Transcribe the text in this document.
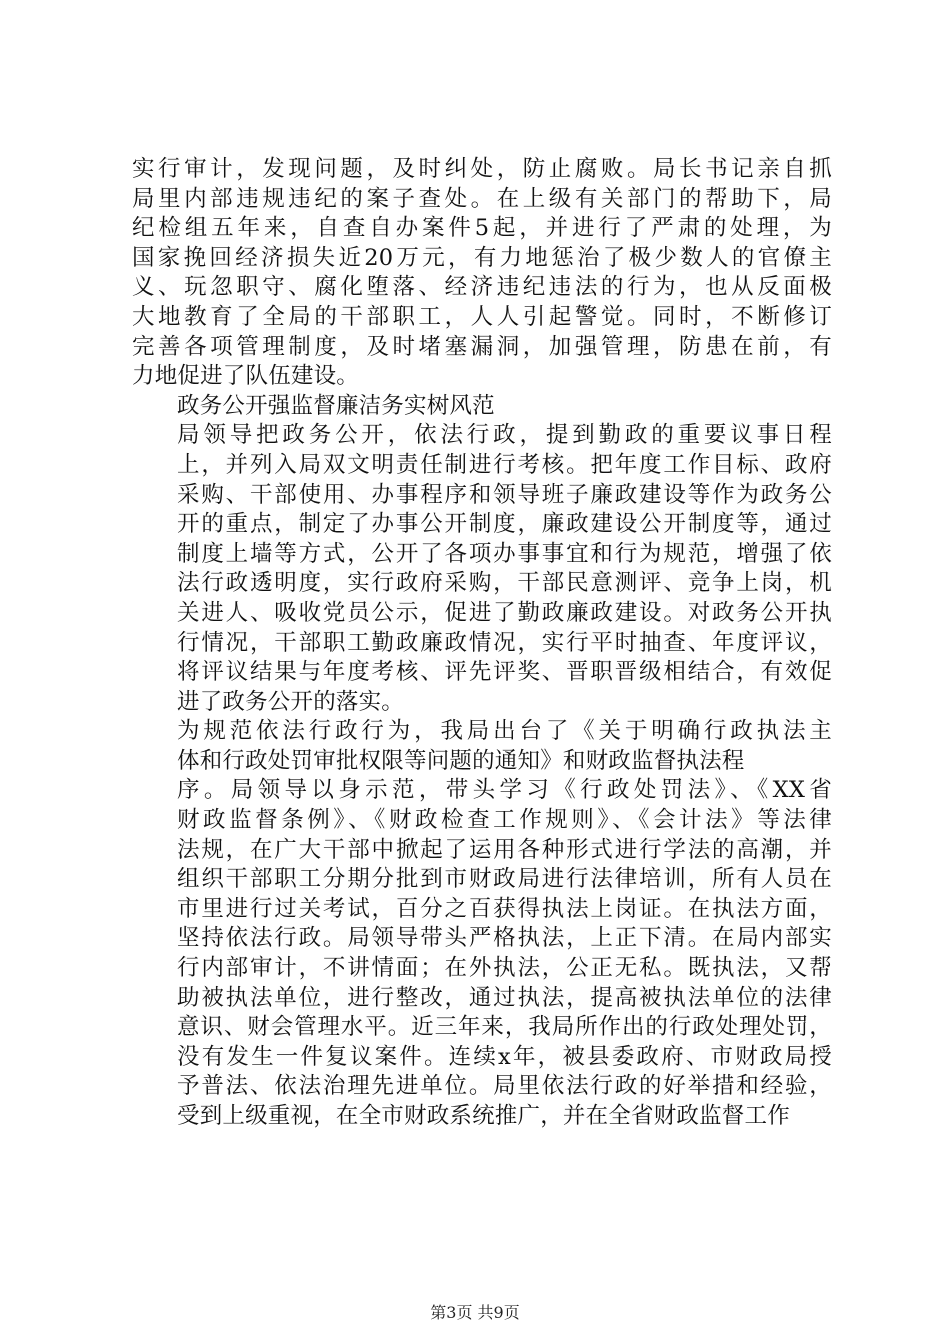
实行审计，发现问题，及时纠处，防止腐败。局长书记亲自抓
局里内部违规违纪的案子查处。在上级有关部门的帮助下，局
纪检组五年来，自查自办案件5起，并进行了严肃的处理，为
国家挽回经济损失近20万元，有力地惩治了极少数人的官僚主
义、玩忽职守、腐化堕落、经济违纪违法的行为，也从反面极
大地教育了全局的干部职工，人人引起警觉。同时，不断修订
完善各项管理制度，及时堵塞漏洞，加强管理，防患在前，有
力地促进了队伍建设。

政务公开强监督廉洁务实树风范

局领导把政务公开，依法行政，提到勤政的重要议事日程
上，并列入局双文明责任制进行考核。把年度工作目标、政府
采购、干部使用、办事程序和领导班子廉政建设等作为政务公
开的重点，制定了办事公开制度，廉政建设公开制度等，通过
制度上墙等方式，公开了各项办事事宜和行为规范，增强了依
法行政透明度，实行政府采购，干部民意测评、竞争上岗，机
关进人、吸收党员公示，促进了勤政廉政建设。对政务公开执
行情况，干部职工勤政廉政情况，实行平时抽查、年度评议，
将评议结果与年度考核、评先评奖、晋职晋级相结合，有效促
进了政务公开的落实。

为规范依法行政行为，我局出台了《关于明确行政执法主
体和行政处罚审批权限等问题的通知》和财政监督执法程

序。局领导以身示范，带头学习《行政处罚法》、《XX省
财政监督条例》、《财政检查工作规则》、《会计法》等法律
法规，在广大干部中掀起了运用各种形式进行学法的高潮，并
组织干部职工分期分批到市财政局进行法律培训，所有人员在
市里进行过关考试，百分之百获得执法上岗证。在执法方面，
坚持依法行政。局领导带头严格执法，上正下清。在局内部实
行内部审计，不讲情面；在外执法，公正无私。既执法，又帮
助被执法单位，进行整改，通过执法，提高被执法单位的法律
意识、财会管理水平。近三年来，我局所作出的行政处理处罚，
没有发生一件复议案件。连续x年，被县委政府、市财政局授
予普法、依法治理先进单位。局里依法行政的好举措和经验，
受到上级重视，在全市财政系统推广，并在全省财政监督工作

第3页 共9页
